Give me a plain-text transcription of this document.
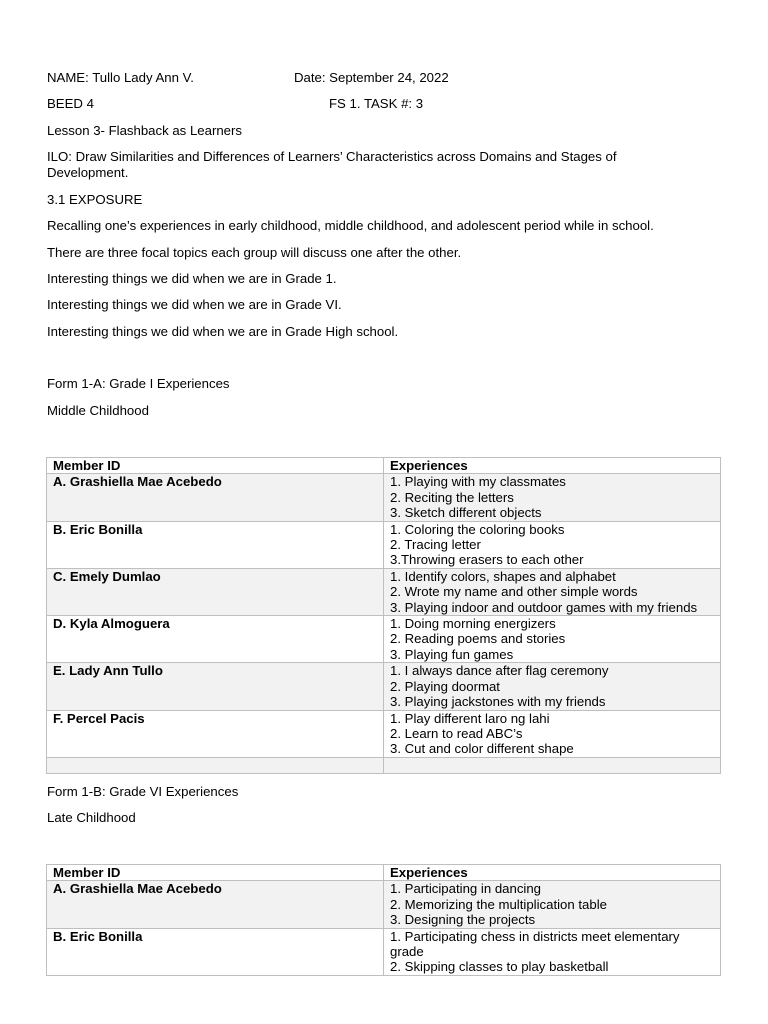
NAME: Tullo Lady Ann V.	Date: September 24, 2022
BEED 4	FS 1. TASK #: 3
Lesson 3- Flashback as Learners
ILO: Draw Similarities and Differences of Learners’ Characteristics across Domains and Stages of Development.
3.1 EXPOSURE
Recalling one’s experiences in early childhood, middle childhood, and adolescent period while in school.
There are three focal topics each group will discuss one after the other.
Interesting things we did when we are in Grade 1.
Interesting things we did when we are in Grade VI.
Interesting things we did when we are in Grade High school.
Form 1-A: Grade I Experiences
Middle Childhood
Member ID	Experiences
A. Grashiella Mae Acebedo	1. Playing with my classmates
2. Reciting the letters
3. Sketch different objects

B. Eric Bonilla	1. Coloring the coloring books
2. Tracing letter
3.Throwing erasers to each other

C. Emely Dumlao	1. Identify colors, shapes and alphabet
2. Wrote my name and other simple words
3. Playing indoor and outdoor games with my friends

D. Kyla Almoguera	1. Doing morning energizers
2. Reading poems and stories
3. Playing fun games

E. Lady Ann Tullo	1. I always dance after flag ceremony
2. Playing doormat
3. Playing jackstones with my friends

F. Percel Pacis	1. Play different laro ng lahi
2. Learn to read ABC’s
3. Cut and color different shape

Form 1-B: Grade VI Experiences
Late Childhood
Member ID	Experiences
A. Grashiella Mae Acebedo	1. Participating in dancing
2. Memorizing the multiplication table
3. Designing the projects

B. Eric Bonilla	1. Participating chess in districts meet elementary grade
2. Skipping classes to play basketball
